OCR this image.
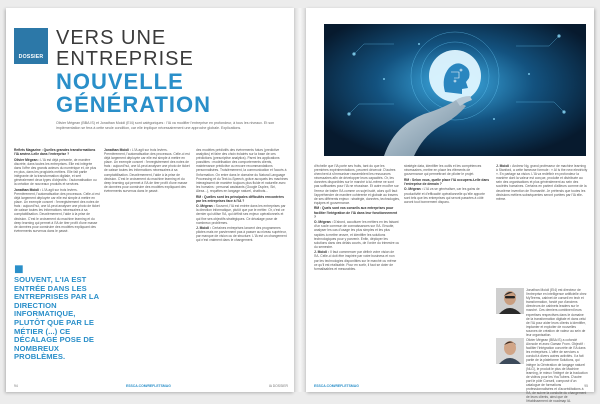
DOSSIER
VERS UNE
ENTREPRISE
NOUVELLE
GÉNÉRATION
Olivier Mégean (BBA IS) et Jonathan Moioli (EI4) sont catégoriques : l'IA va modifier l'entreprise en profondeur, à tous les niveaux. Et son implémentation se fera à cette seule condition, car elle implique nécessairement une approche globale. Explications.

Reflets Magazine : Quelles grandes transformations l'IA amène-t-elle dans l'entreprise ?

Olivier Mégean : L'IA est déjà présente, de manière discrète, dans toutes les entreprises. Elle est intégrée dans l'offre des grands acteurs du numérique et, de plus en plus, dans les progiciels métiers. Elle fait partie intégrante de la transformation digitale, et sert généralement deux types d'objectifs : l'automatisation ou la création de nouveaux produits et services.

Jonathan Moioli : L'IA agit sur trois leviers. Premièrement, l'automatisation des processus. Celle-ci est déjà largement déployée car elle est simple à mettre en place. Un exemple concret : l'enregistrement des notes de frais : aujourd'hui, une IA peut analyser une photo de ticket de caisse toutes les informations nécessaires à sa comptabilisation. Deuxièmement, l'aide à la prise de décision. C'est le croisement du machine learning et du deep learning qui permet à l'IA de tirer profit d'une masse de données pour construire des modèles expliquant des événements survenus dans le passé.

■
SOUVENT, L'IA EST ENTRÉE DANS LES ENTREPRISES PAR LA DIRECTION INFORMATIQUE, PLUTÔT QUE PAR LE MÉTIER (...) CE DÉCALAGE POSE DE NOMBREUX PROBLÈMES.

Jonathan Moioli : L'IA agit sur trois leviers. Premièrement, l'automatisation des processus. Celle-ci est déjà largement déployée car elle est simple à mettre en place. Un exemple concret : l'enregistrement des notes de frais : aujourd'hui, une IA peut analyser une photo de ticket de caisse toutes les informations nécessaires à sa comptabilisation. Deuxièmement, l'aide à la prise de décision. C'est le croisement du machine learning et du deep learning qui permet à l'IA de tirer profit d'une masse de données pour construire des modèles expliquant des événements survenus dans le passé.

des modèles prédictifs des événements futurs (predictive analytics) et faire des choix éclairés sur la base de ces prédictions (prescriptive analytics). Parmi les applications possibles : modélisation des comportements clients, maintenance prédictive ou encore recommandations personnalisées. Troisièmement, la communication et l'accès à l'information. On entre dans le domaine du Natural Language Processing et du Text-to-Speech, grâce auxquels les machines interagissent de manière toujours plus fluide et naturelle avec les humains : personal assistants (Google Duplex, Siri, Alexa...), requêtes en langage naturel, chatbots...

RM : Quelles sont les principales difficultés rencontrées par les entreprises face à l'IA ?

O. Mégean : Souvent, l'IA est entrée dans les entreprises par la direction informatique, plutôt que par le métier. Or, c'est ce dernier qui utilise l'IA, qui définit ses enjeux opérationnels et qui fixe ses objectifs stratégiques. Ce décalage pose de nombreux problèmes.

J. Moioli : Certaines entreprises lancent des programmes pilotes mais ne parviennent pas à passer au niveau supérieur, par manque de vision ou de structure. L'IA est un changement qui n'est vraiment dans le changement.

94	ESSCA.COM/REFLETSMAG	IA DOSSIER

d'échelle que l'IA porte ses fruits, tant du que les premières expérimentations, peuvent décevoir. D'autres cherchent à s'immuniser rassemblent les ressources nécessaires afin de développer leurs capacités. Or, les données disponibles sur le marché à lui-même ne sont pas suffisantes pour l'IA ne réussisse. Et autre mod'tre sur l'erreur de traiter l'IA comme un sujet isolé, alors qu'il faut l'appréhender de manière cohérente et globale au travers de ses différents enjeux : stratégie, données, technologies, équipes et gouvernance.

RM : Quels sont vos conseils aux entreprises pour faciliter l'intégration de l'IA dans leur fonctionnement ?

O. Mégean : D'abord, acculturer les métiers en les faisant d'un socle commun de connaissances sur l'IA. Ensuite, analyser les cas d'usage les plus simples et les plus rapides à mettre œuvre, et identifier les solutions technologiques pour y parvenir. Enfin, déployer les solutions dans des délais courts, de l'ordre du trimestre ou du semestre.

J. Moioli : Il faut commencer par définir votre vision de l'IA. Celle-ci doit être inspirée par votre business et non par les technologies disponibles sur le marché ou même ce qu'il est réalisable. Pour en sortir, il faut se doter de formalisables et mesurables.

stratégie data, identifier les outils et les compétences nécessaires, mettre en place les éléments de gouvernance qui permettront de piloter le projet.

RM : Selon vous, quelle place l'IA occupera-t-elle dans l'entreprise de demain ?

O. Mégean : L'IA va se généraliser, car les gains de productivité et d'efficacité opérationnelle qu'elle apporte sont tels que les entreprises qui seront passées à côté auront tout bonnement disparu.

J. Moioli : Andrew Ng, grand professeur de machine learning à Stanford, a cette fameuse formule : « AI is the new electricity ». En partage sa vision. L'IA va redéfinir en profondeur la manière dont la valeur est conçue, produite et distribuée au sein des organisations et plus généralement au sein des sociétés humaines. Certains en parlent d'ailleurs comme de la deuxième invention de l'humanité. Je prétends que toutes les décisions métiers subséquentes seront portées par l'IA elle-même.

Jonathan Moioli (EI4) est directeur de l'entreprise en intelligence artificielle chez MyTeems, cabinet de conseil en tech et transformation, fondé par d'anciens directeurs de cabinets leaders sur le marché. Ces derniers combinent leurs expertises respectives dans le domaine de la transformation digitale et dans celui de l'IA pour aider leurs clients à identifier, implanter et exploiter de nouvelles sources de création de valeur au sein de leur organisation.
Olivier Mégean (BBA IS) a cofondé Aixnode et avec Gaman From. Objectif : faciliter l'intégration concrète de l'IA dans les entreprises. L'offre de services a conduit à divers autres activités. Il a fait partie de la plateforme Solutions, qui intègre la Génération de langage naturel (NLG), le produit le plus de Machine learning, le mieux l'intégré de la traduction de vidéos pour les YouTubers. D'autre part le pôle Conseil, composé d'un catalogue de formations professionnalisées et d'accréditations à l'IA, de suivre la conduite du changement de leurs clients, ainsi que de l'établissement de roadmap IA.
ESSCA.COM/REFLETSMAG	95
